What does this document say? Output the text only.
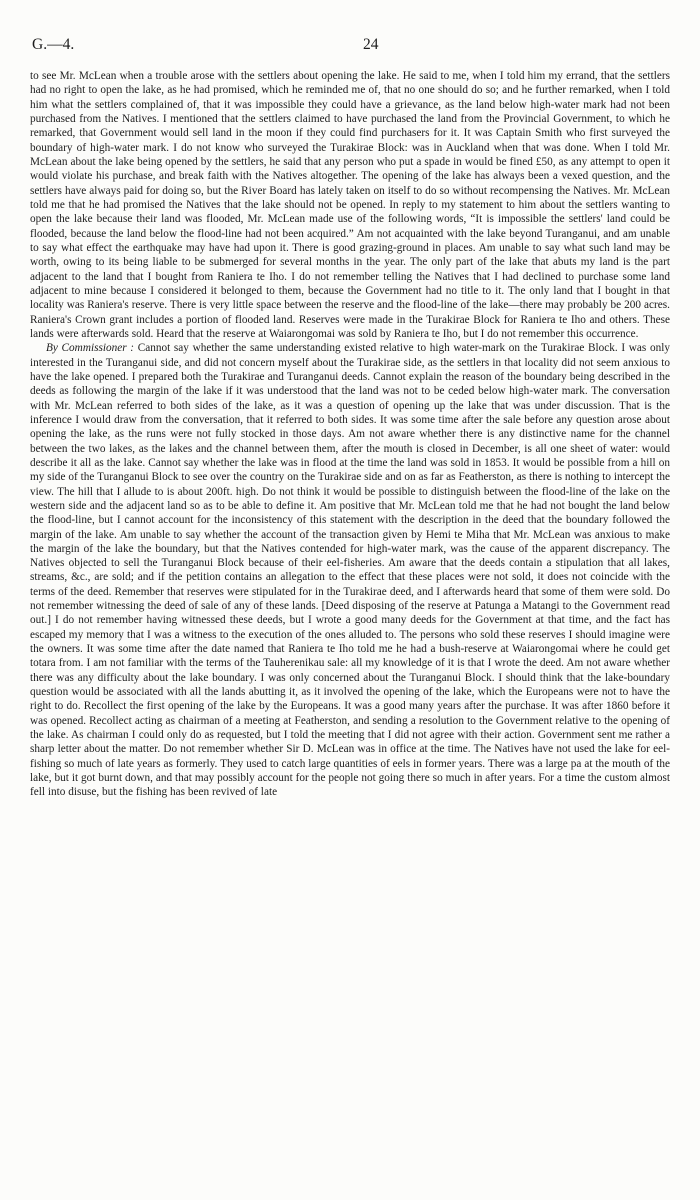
G.—4.	24

to see Mr. McLean when a trouble arose with the settlers about opening the lake. He said to me, when I told him my errand, that the settlers had no right to open the lake, as he had promised, which he reminded me of, that no one should do so; and he further remarked, when I told him what the settlers complained of, that it was impossible they could have a grievance, as the land below high-water mark had not been purchased from the Natives. I mentioned that the settlers claimed to have purchased the land from the Provincial Government, to which he remarked, that Government would sell land in the moon if they could find purchasers for it. It was Captain Smith who first surveyed the boundary of high-water mark. I do not know who surveyed the Turakirae Block: was in Auckland when that was done. When I told Mr. McLean about the lake being opened by the settlers, he said that any person who put a spade in would be fined £50, as any attempt to open it would violate his purchase, and break faith with the Natives altogether. The opening of the lake has always been a vexed question, and the settlers have always paid for doing so, but the River Board has lately taken on itself to do so without recompensing the Natives. Mr. McLean told me that he had promised the Natives that the lake should not be opened. In reply to my statement to him about the settlers wanting to open the lake because their land was flooded, Mr. McLean made use of the following words, “It is impossible the settlers' land could be flooded, because the land below the flood-line had not been acquired.” Am not acquainted with the lake beyond Turanganui, and am unable to say what effect the earthquake may have had upon it. There is good grazing-ground in places. Am unable to say what such land may be worth, owing to its being liable to be submerged for several months in the year. The only part of the lake that abuts my land is the part adjacent to the land that I bought from Raniera te Iho. I do not remember telling the Natives that I had declined to purchase some land adjacent to mine because I considered it belonged to them, because the Government had no title to it. The only land that I bought in that locality was Raniera's reserve. There is very little space between the reserve and the flood-line of the lake—there may probably be 200 acres. Raniera's Crown grant includes a portion of flooded land. Reserves were made in the Turakirae Block for Raniera te Iho and others. These lands were afterwards sold. Heard that the reserve at Waiarongomai was sold by Raniera te Iho, but I do not remember this occurrence.

By Commissioner : Cannot say whether the same understanding existed relative to high water-mark on the Turakirae Block. I was only interested in the Turanganui side, and did not concern myself about the Turakirae side, as the settlers in that locality did not seem anxious to have the lake opened. I prepared both the Turakirae and Turanganui deeds. Cannot explain the reason of the boundary being described in the deeds as following the margin of the lake if it was understood that the land was not to be ceded below high-water mark. The conversation with Mr. McLean referred to both sides of the lake, as it was a question of opening up the lake that was under discussion. That is the inference I would draw from the conversation, that it referred to both sides. It was some time after the sale before any question arose about opening the lake, as the runs were not fully stocked in those days. Am not aware whether there is any distinctive name for the channel between the two lakes, as the lakes and the channel between them, after the mouth is closed in December, is all one sheet of water: would describe it all as the lake. Cannot say whether the lake was in flood at the time the land was sold in 1853. It would be possible from a hill on my side of the Turanganui Block to see over the country on the Turakirae side and on as far as Featherston, as there is nothing to intercept the view. The hill that I allude to is about 200ft. high. Do not think it would be possible to distinguish between the flood-line of the lake on the western side and the adjacent land so as to be able to define it. Am positive that Mr. McLean told me that he had not bought the land below the flood-line, but I cannot account for the inconsistency of this statement with the description in the deed that the boundary followed the margin of the lake. Am unable to say whether the account of the transaction given by Hemi te Miha that Mr. McLean was anxious to make the margin of the lake the boundary, but that the Natives contended for high-water mark, was the cause of the apparent discrepancy. The Natives objected to sell the Turanganui Block because of their eel-fisheries. Am aware that the deeds contain a stipulation that all lakes, streams, &c., are sold; and if the petition contains an allegation to the effect that these places were not sold, it does not coincide with the terms of the deed. Remember that reserves were stipulated for in the Turakirae deed, and I afterwards heard that some of them were sold. Do not remember witnessing the deed of sale of any of these lands. [Deed disposing of the reserve at Patunga a Matangi to the Government read out.] I do not remember having witnessed these deeds, but I wrote a good many deeds for the Government at that time, and the fact has escaped my memory that I was a witness to the execution of the ones alluded to. The persons who sold these reserves I should imagine were the owners. It was some time after the date named that Raniera te Iho told me he had a bush-reserve at Waiarongomai where he could get totara from. I am not familiar with the terms of the Tauherenikau sale: all my knowledge of it is that I wrote the deed. Am not aware whether there was any difficulty about the lake boundary. I was only concerned about the Turanganui Block. I should think that the lake-boundary question would be associated with all the lands abutting it, as it involved the opening of the lake, which the Europeans were not to have the right to do. Recollect the first opening of the lake by the Europeans. It was a good many years after the purchase. It was after 1860 before it was opened. Recollect acting as chairman of a meeting at Featherston, and sending a resolution to the Government relative to the opening of the lake. As chairman I could only do as requested, but I told the meeting that I did not agree with their action. Government sent me rather a sharp letter about the matter. Do not remember whether Sir D. McLean was in office at the time. The Natives have not used the lake for eel-fishing so much of late years as formerly. They used to catch large quantities of eels in former years. There was a large pa at the mouth of the lake, but it got burnt down, and that may possibly account for the people not going there so much in after years. For a time the custom almost fell into disuse, but the fishing has been revived of late
